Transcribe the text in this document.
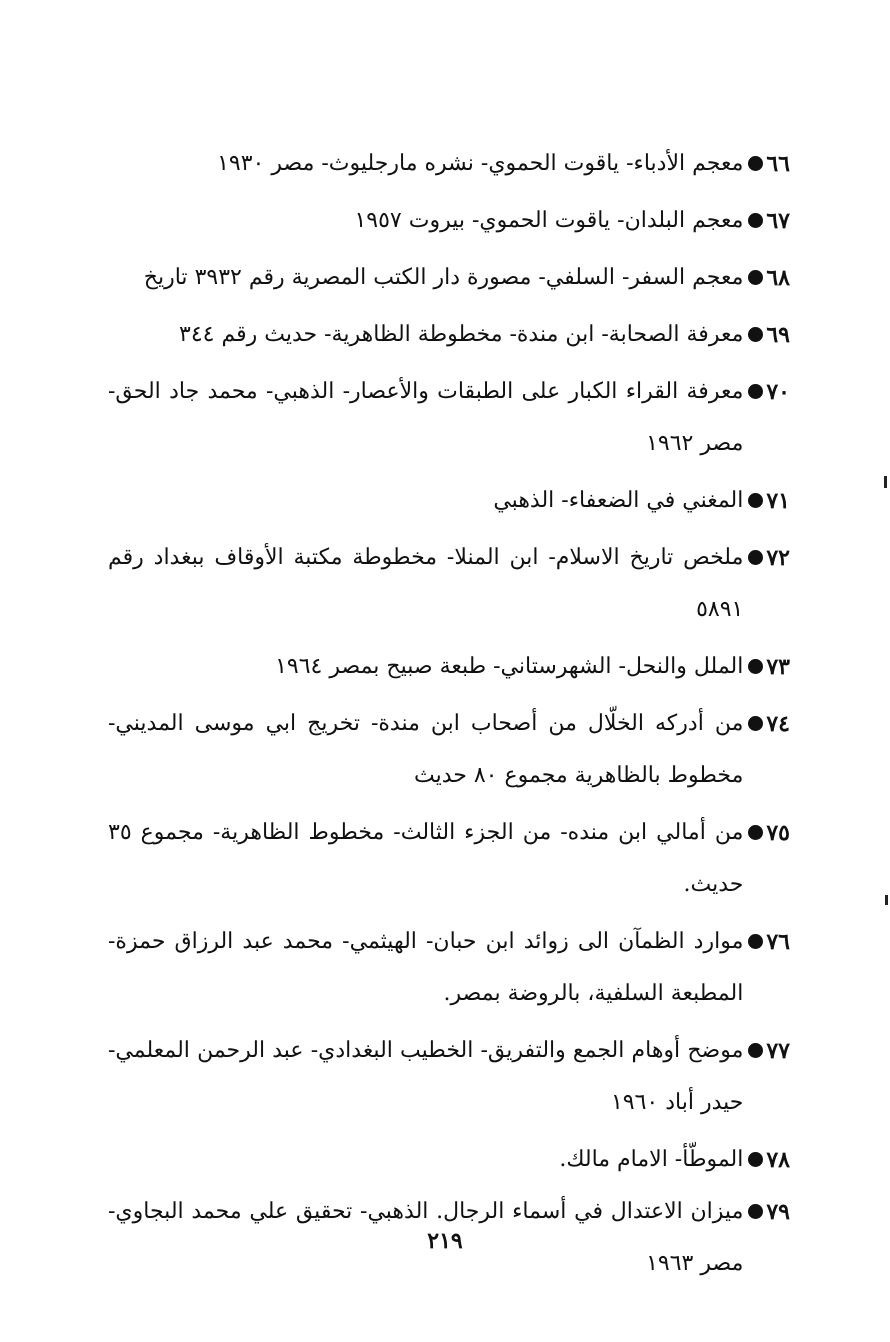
٦٦
معجم الأدباء- ياقوت الحموي- نشره مارجليوث- مصر ١٩٣٠
٦٧
معجم البلدان- ياقوت الحموي- بيروت ١٩٥٧
٦٨
معجم السفر- السلفي- مصورة دار الكتب المصرية رقم ٣٩٣٢ تاريخ
٦٩
معرفة الصحابة- ابن مندة- مخطوطة الظاهرية- حديث رقم ٣٤٤
٧٠
معرفة القراء الكبار على الطبقات والأعصار- الذهبي- محمد جاد الحق- مصر ١٩٦٢
٧١
المغني في الضعفاء- الذهبي
٧٢
ملخص تاريخ الاسلام- ابن المنلا- مخطوطة مكتبة الأوقاف ببغداد رقم ٥٨٩١
٧٣
الملل والنحل- الشهرستاني- طبعة صبيح بمصر ١٩٦٤
٧٤
من أدركه الخلّال من أصحاب ابن مندة- تخريج ابي موسى المديني- مخطوط بالظاهرية مجموع ٨٠ حديث
٧٥
من أمالي ابن منده- من الجزء الثالث- مخطوط الظاهرية- مجموع ٣٥ حديث.
٧٦
موارد الظمآن الى زوائد ابن حبان- الهيثمي- محمد عبد الرزاق حمزة- المطبعة السلفية، بالروضة بمصر.
٧٧
موضح أوهام الجمع والتفريق- الخطيب البغدادي- عبد الرحمن المعلمي- حيدر أباد ١٩٦٠
٧٨
الموطّأ- الامام مالك.
٧٩
ميزان الاعتدال في أسماء الرجال. الذهبي- تحقيق علي محمد البجاوي- مصر ١٩٦٣
٢١٩
